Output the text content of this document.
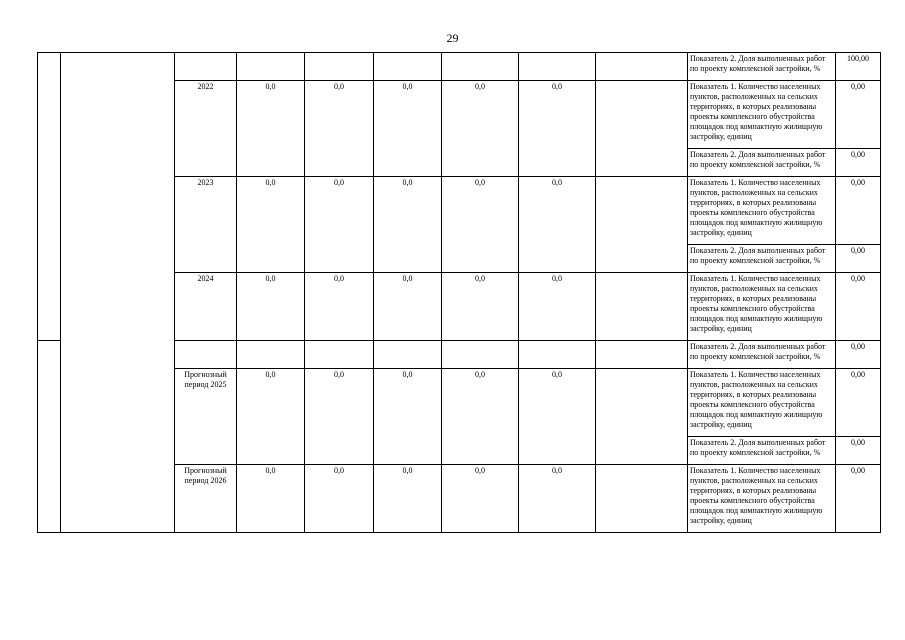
29
									Показатель 2. Доля выполненных работ по проекту комплексной застройки, %	100,00
		2022	0,0	0,0	0,0	0,0	0,0		Показатель 1. Количество населенных пунктов, расположенных на сельских территориях, в которых реализованы проекты комплексного обустройства площадок под компактную жилищную застройку, единиц	0,00
									Показатель 2. Доля выполненных работ по проекту комплексной застройки, %	0,00
		2023	0,0	0,0	0,0	0,0	0,0		Показатель 1. Количество населенных пунктов, расположенных на сельских территориях, в которых реализованы проекты комплексного обустройства площадок под компактную жилищную застройку, единиц	0,00
									Показатель 2. Доля выполненных работ по проекту комплексной застройки, %	0,00
		2024	0,0	0,0	0,0	0,0	0,0		Показатель 1. Количество населенных пунктов, расположенных на сельских территориях, в которых реализованы проекты комплексного обустройства площадок под компактную жилищную застройку, единиц	0,00
									Показатель 2. Доля выполненных работ по проекту комплексной застройки, %	0,00
		Прогнозный период 2025	0,0	0,0	0,0	0,0	0,0		Показатель 1. Количество населенных пунктов, расположенных на сельских территориях, в которых реализованы проекты комплексного обустройства площадок под компактную жилищную застройку, единиц	0,00
									Показатель 2. Доля выполненных работ по проекту комплексной застройки, %	0,00
		Прогнозный период 2026	0,0	0,0	0,0	0,0	0,0		Показатель 1. Количество населенных пунктов, расположенных на сельских территориях, в которых реализованы проекты комплексного обустройства площадок под компактную жилищную застройку, единиц	0,00
